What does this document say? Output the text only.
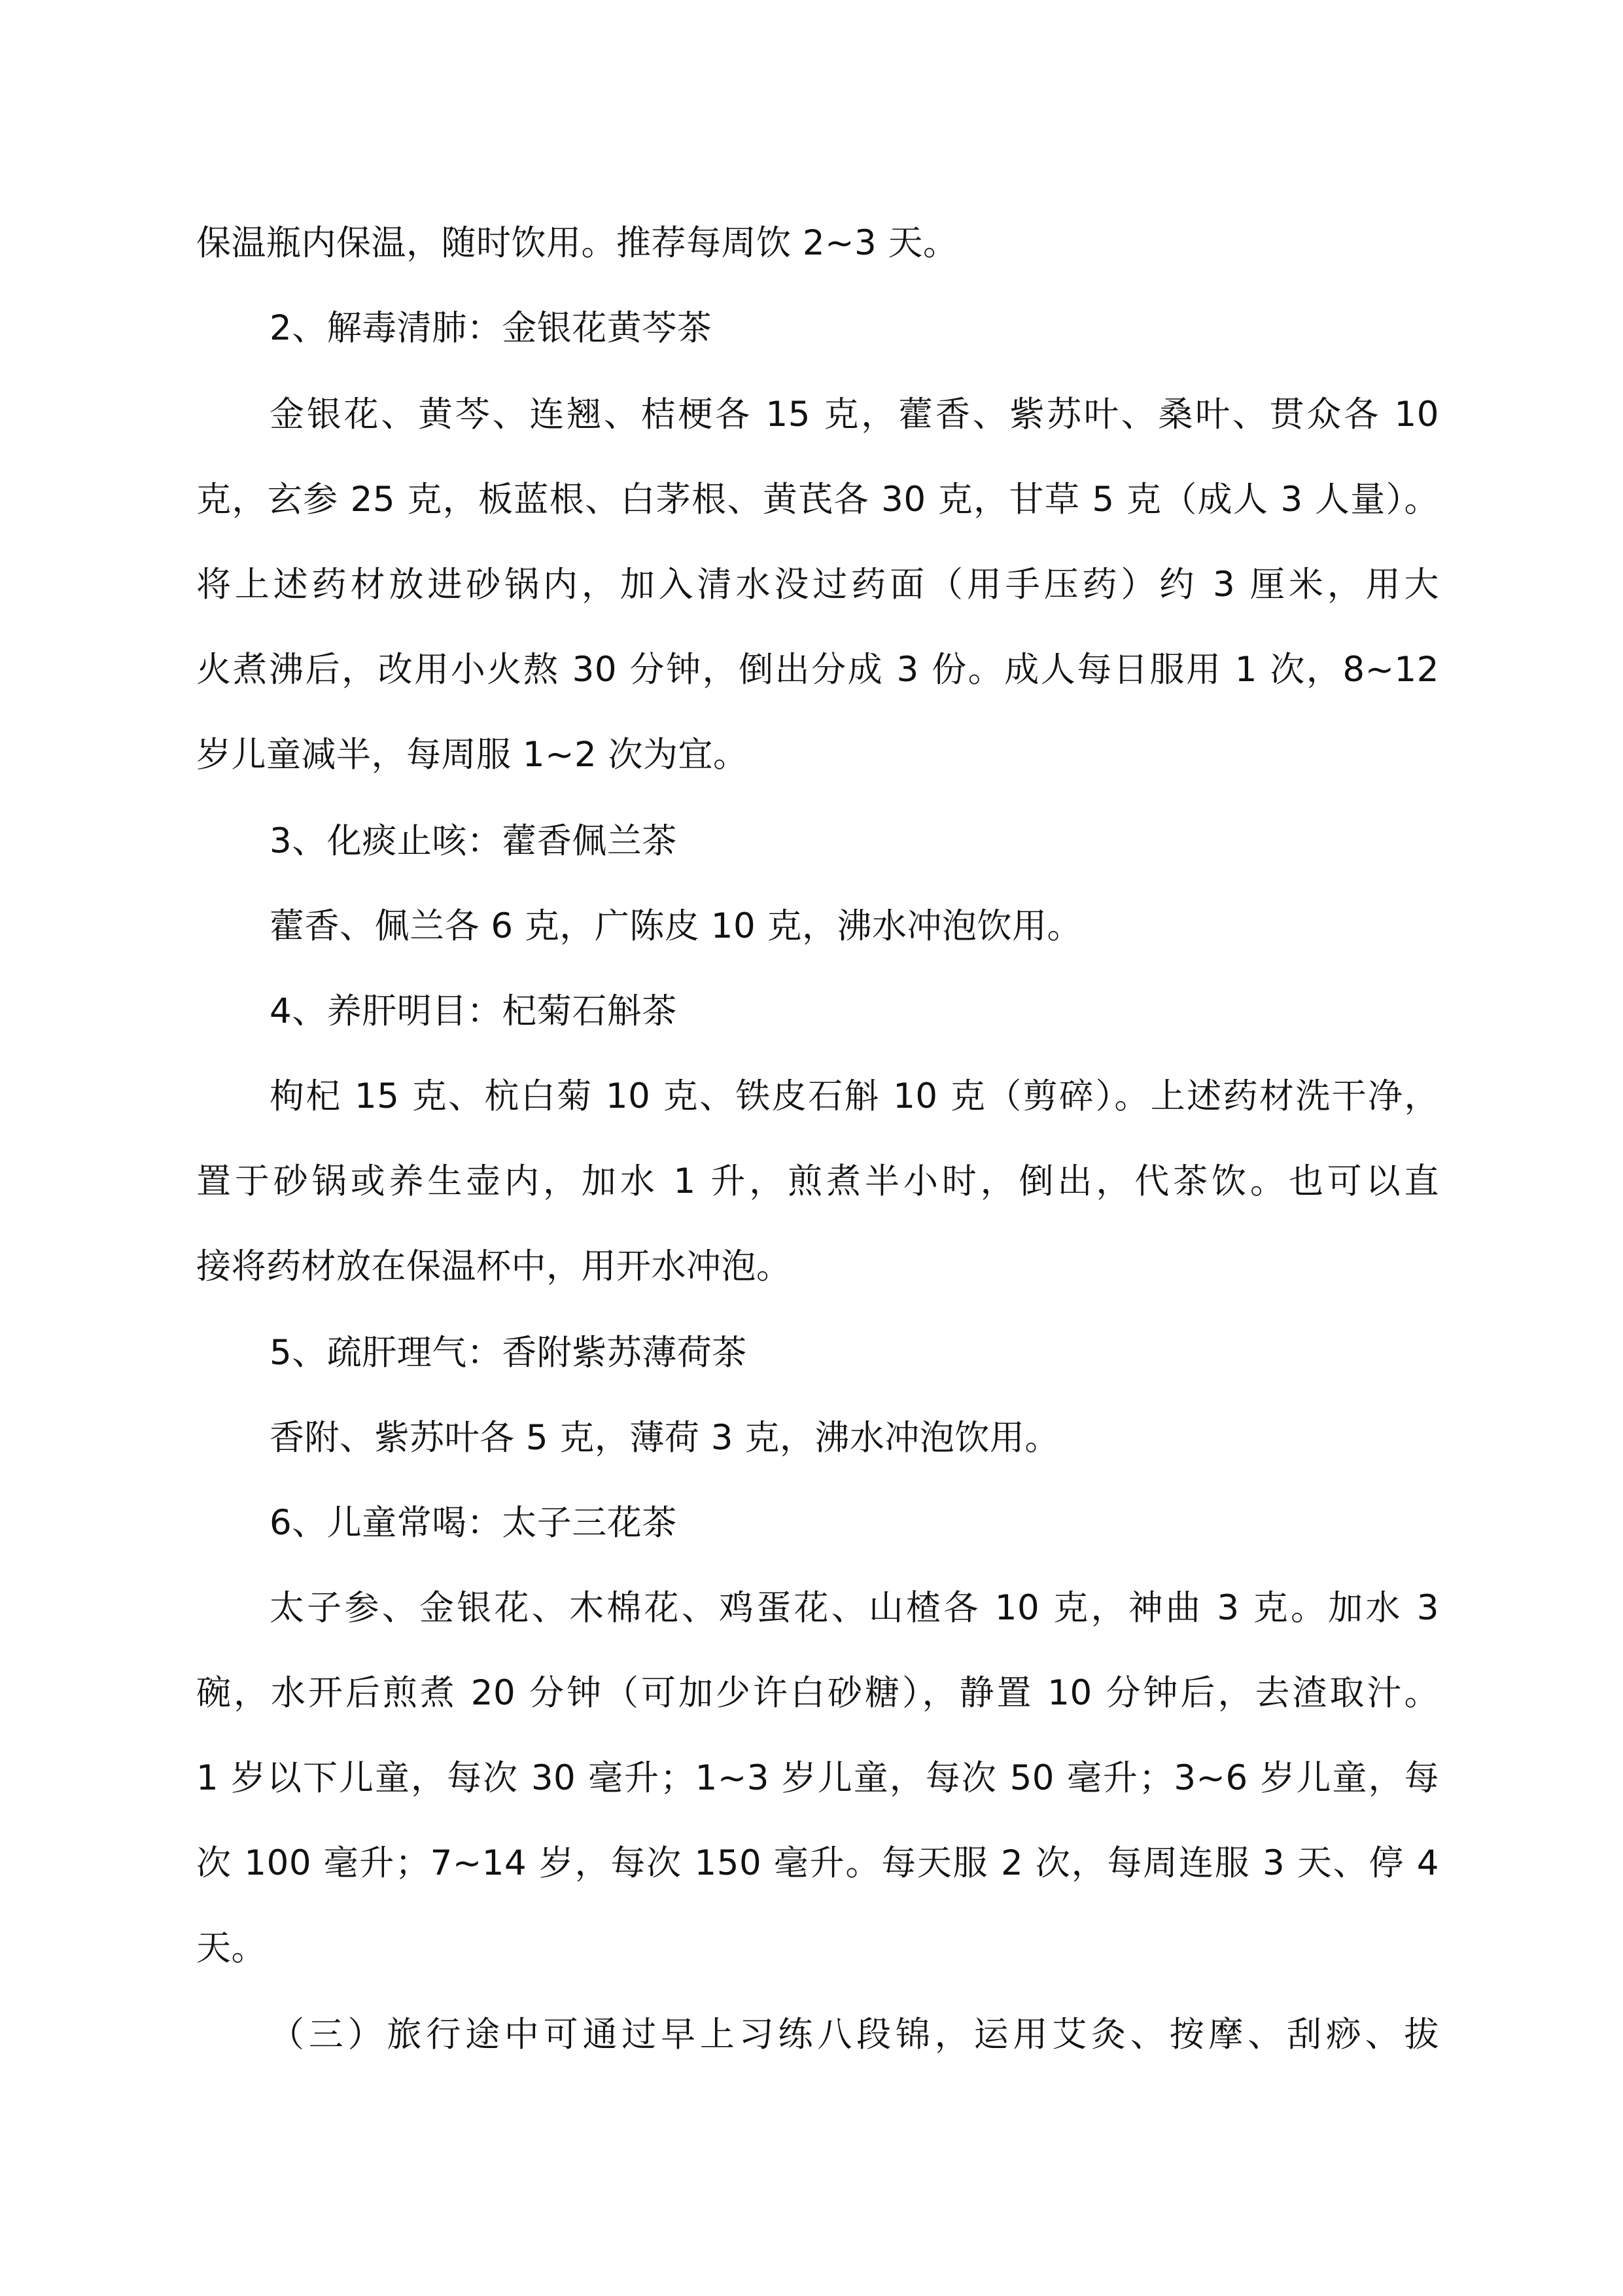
保温瓶内保温，随时饮用。推荐每周饮 2~3 天。
2、解毒清肺：金银花黄芩茶
金银花、黄芩、连翘、桔梗各 15 克，藿香、紫苏叶、桑叶、贯众各 10
克，玄参 25 克，板蓝根、白茅根、黄芪各 30 克，甘草 5 克（成人 3 人量）。
将上述药材放进砂锅内，加入清水没过药面（用手压药）约 3 厘米，用大
火煮沸后，改用小火熬 30 分钟，倒出分成 3 份。成人每日服用 1 次，8~12
岁儿童减半，每周服 1~2 次为宜。
3、化痰止咳：藿香佩兰茶
藿香、佩兰各 6 克，广陈皮 10 克，沸水冲泡饮用。
4、养肝明目：杞菊石斛茶
枸杞 15 克、杭白菊 10 克、铁皮石斛 10 克（剪碎）。上述药材洗干净，
置于砂锅或养生壶内，加水 1 升，煎煮半小时，倒出，代茶饮。也可以直
接将药材放在保温杯中，用开水冲泡。
5、疏肝理气：香附紫苏薄荷茶
香附、紫苏叶各 5 克，薄荷 3 克，沸水冲泡饮用。
6、儿童常喝：太子三花茶
太子参、金银花、木棉花、鸡蛋花、山楂各 10 克，神曲 3 克。加水 3
碗，水开后煎煮 20 分钟（可加少许白砂糖），静置 10 分钟后，去渣取汁。
1 岁以下儿童，每次 30 毫升；1~3 岁儿童，每次 50 毫升；3~6 岁儿童，每
次 100 毫升；7~14 岁，每次 150 毫升。每天服 2 次，每周连服 3 天、停 4
天。
（三）旅行途中可通过早上习练八段锦，运用艾灸、按摩、刮痧、拔
